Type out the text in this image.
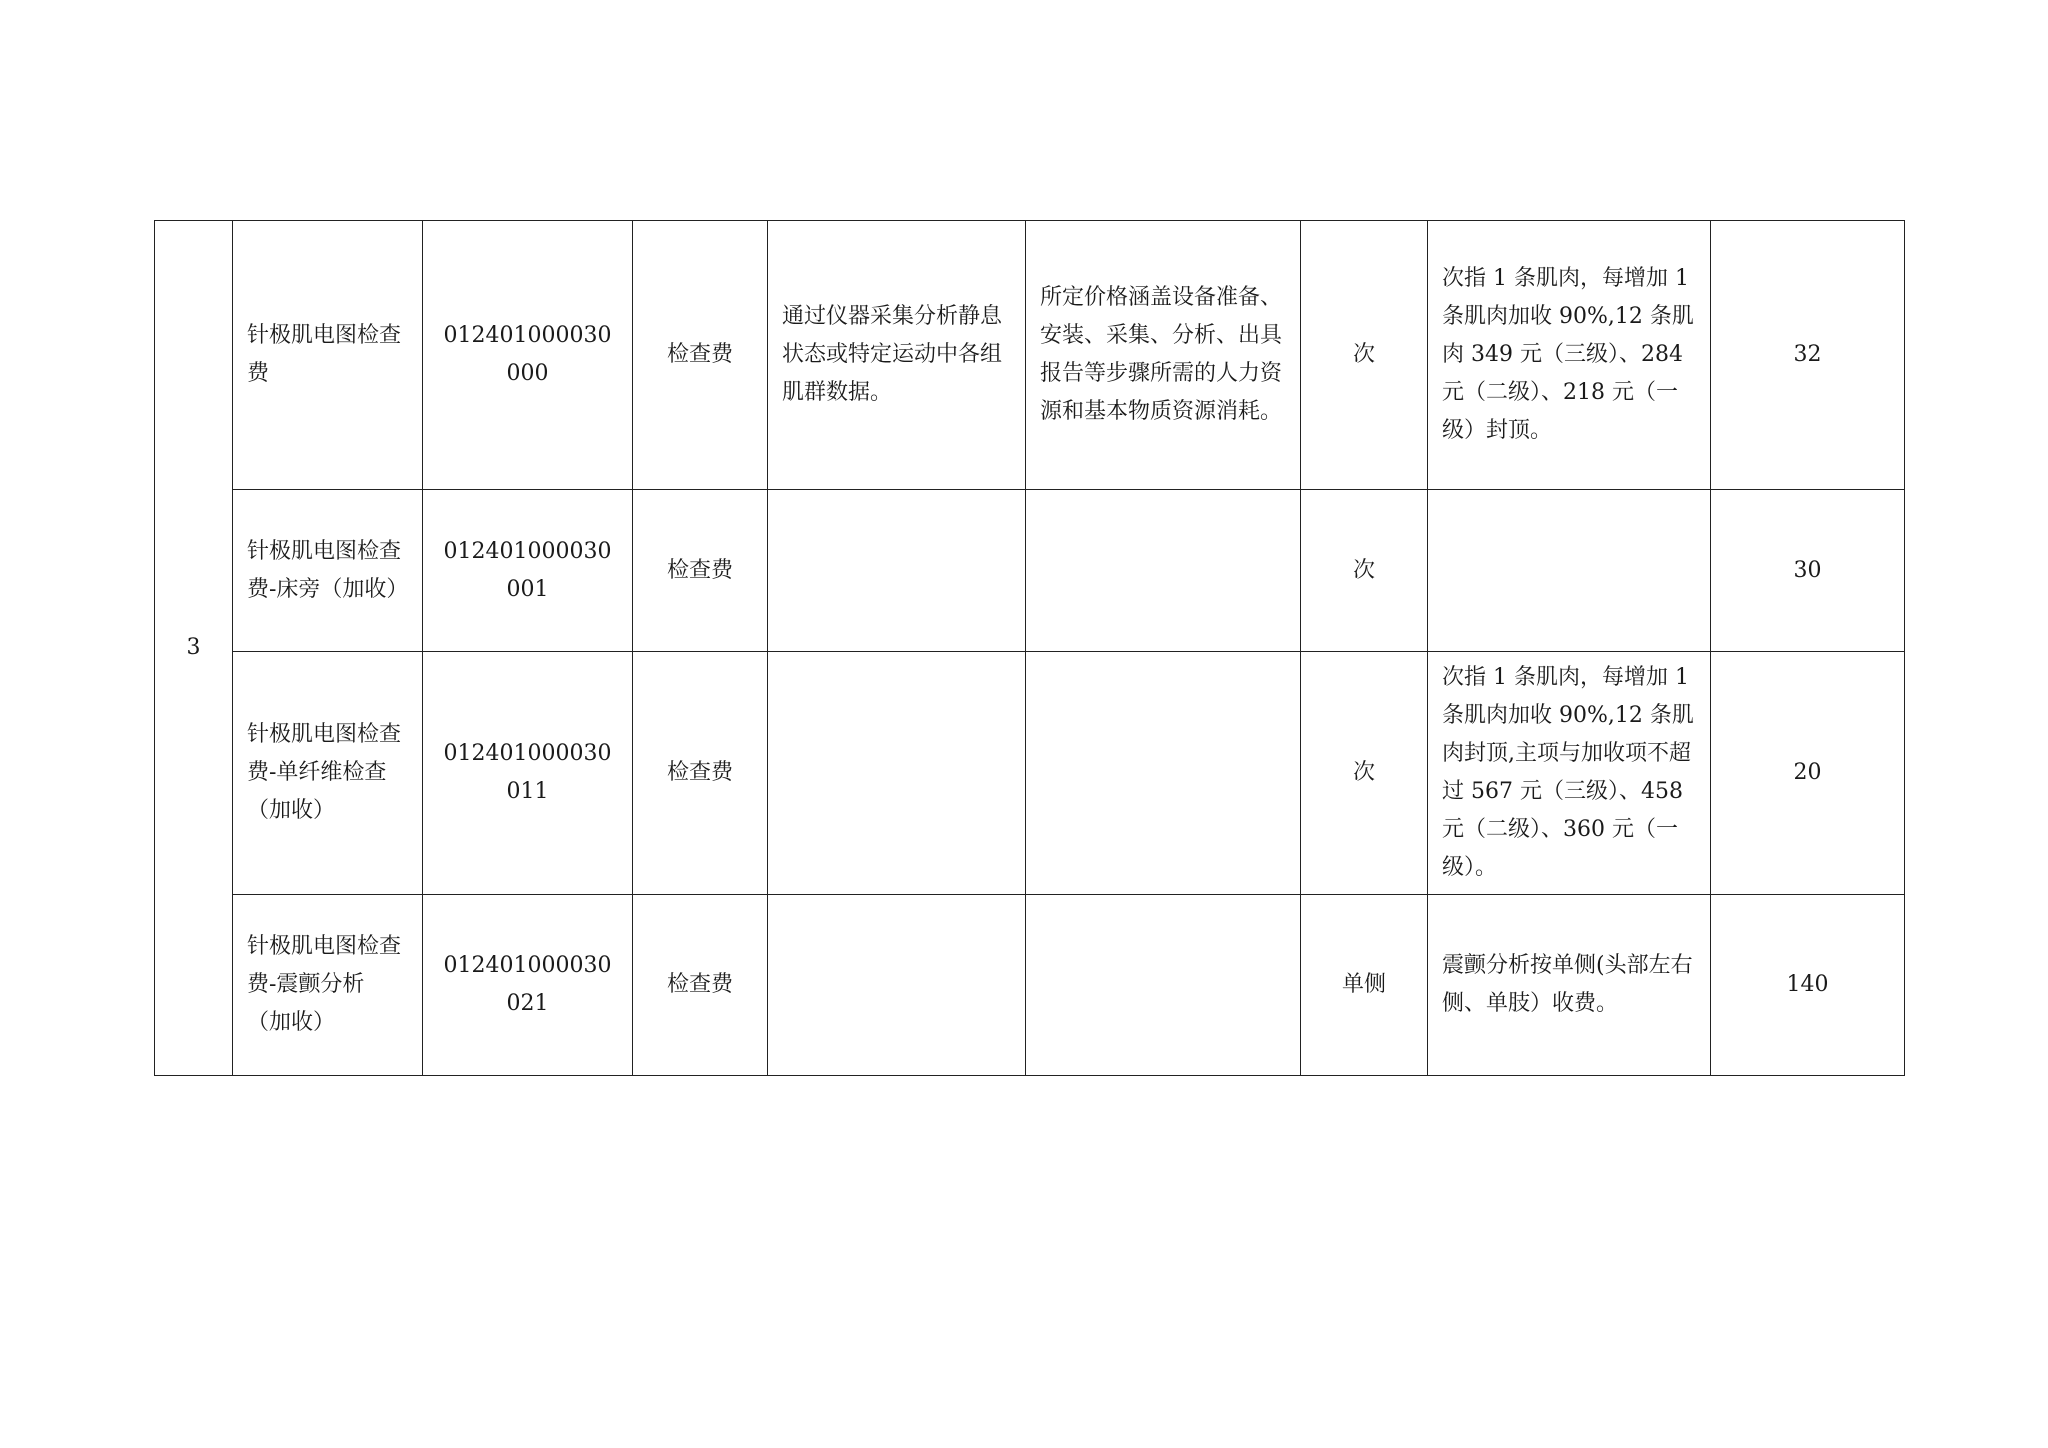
3	针极肌电图检查费	012401000030000	检查费	通过仪器采集分析静息状态或特定运动中各组肌群数据。	所定价格涵盖设备准备、安装、采集、分析、出具报告等步骤所需的人力资源和基本物质资源消耗。	次	次指 1 条肌肉，每增加 1 条肌肉加收 90%,12 条肌肉 349 元（三级）、284 元（二级）、218 元（一级）封顶。	32
	针极肌电图检查费-床旁（加收）	012401000030001	检查费			次		30
	针极肌电图检查费-单纤维检查（加收）	012401000030011	检查费			次	次指 1 条肌肉，每增加 1 条肌肉加收 90%,12 条肌肉封顶,主项与加收项不超过 567 元（三级）、458 元（二级）、360 元（一级）。	20
	针极肌电图检查费-震颤分析（加收）	012401000030021	检查费			单侧	震颤分析按单侧(头部左右侧、单肢）收费。	140
